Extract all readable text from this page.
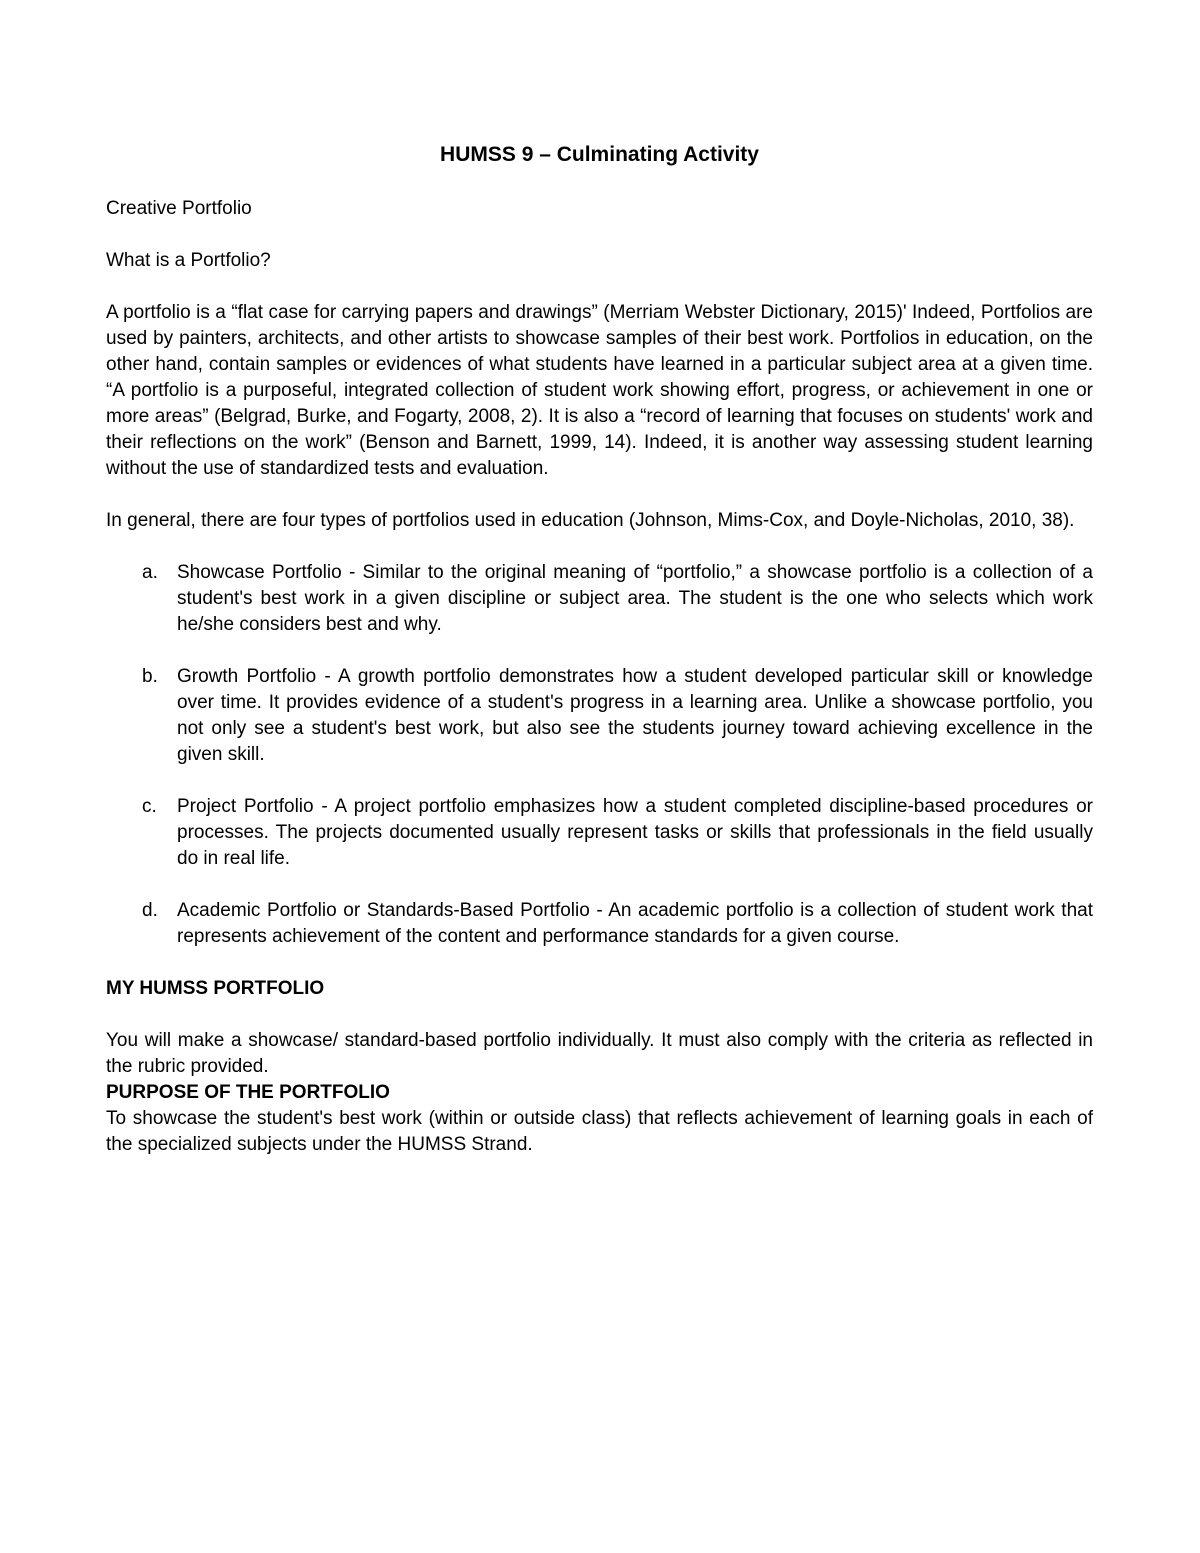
HUMSS 9 – Culminating Activity

Creative Portfolio

What is a Portfolio?

A portfolio is a “flat case for carrying papers and drawings” (Merriam Webster Dictionary, 2015)' Indeed, Portfolios are used by painters, architects, and other artists to showcase samples of their best work. Portfolios in education, on the other hand, contain samples or evidences of what students have learned in a particular subject area at a given time. “A portfolio is a purposeful, integrated collection of student work showing effort, progress, or achievement in one or more areas” (Belgrad, Burke, and Fogarty, 2008, 2). It is also a “record of learning that focuses on students' work and their reflections on the work” (Benson and Barnett, 1999, 14). Indeed, it is another way assessing student learning without the use of standardized tests and evaluation.

In general, there are four types of portfolios used in education (Johnson, Mims-Cox, and Doyle-Nicholas, 2010, 38).

a. Showcase Portfolio - Similar to the original meaning of “portfolio,” a showcase portfolio is a collection of a student's best work in a given discipline or subject area. The student is the one who selects which work he/she considers best and why.
b. Growth Portfolio - A growth portfolio demonstrates how a student developed particular skill or knowledge over time. It provides evidence of a student's progress in a learning area. Unlike a showcase portfolio, you not only see a student's best work, but also see the students journey toward achieving excellence in the given skill.
c. Project Portfolio - A project portfolio emphasizes how a student completed discipline-based procedures or processes. The projects documented usually represent tasks or skills that professionals in the field usually do in real life.
d. Academic Portfolio or Standards-Based Portfolio - An academic portfolio is a collection of student work that represents achievement of the content and performance standards for a given course.

MY HUMSS PORTFOLIO

You will make a showcase/ standard-based portfolio individually. It must also comply with the criteria as reflected in the rubric provided.

PURPOSE OF THE PORTFOLIO

To showcase the student's best work (within or outside class) that reflects achievement of learning goals in each of the specialized subjects under the HUMSS Strand.
